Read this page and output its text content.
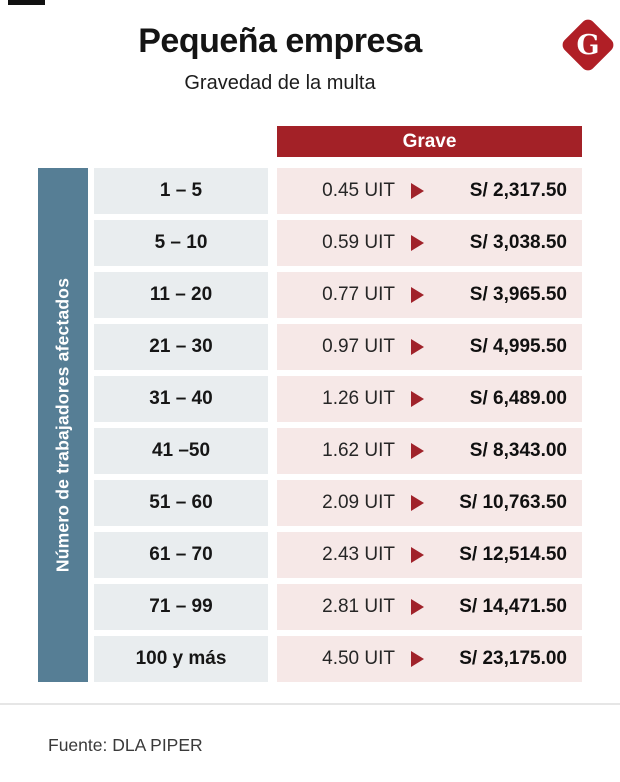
Pequeña empresa
Gravedad de la multa
G
Grave
Número de trabajadores afectados
1 – 5	0.45 UIT	S/ 2,317.50
5 – 10	0.59 UIT	S/ 3,038.50
11 – 20	0.77 UIT	S/ 3,965.50
21 – 30	0.97 UIT	S/ 4,995.50
31 – 40	1.26 UIT	S/ 6,489.00
41 –50	1.62 UIT	S/ 8,343.00
51 – 60	2.09 UIT	S/ 10,763.50
61 – 70	2.43 UIT	S/ 12,514.50
71 – 99	2.81 UIT	S/ 14,471.50
100 y más	4.50 UIT	S/ 23,175.00
Fuente: DLA PIPER
